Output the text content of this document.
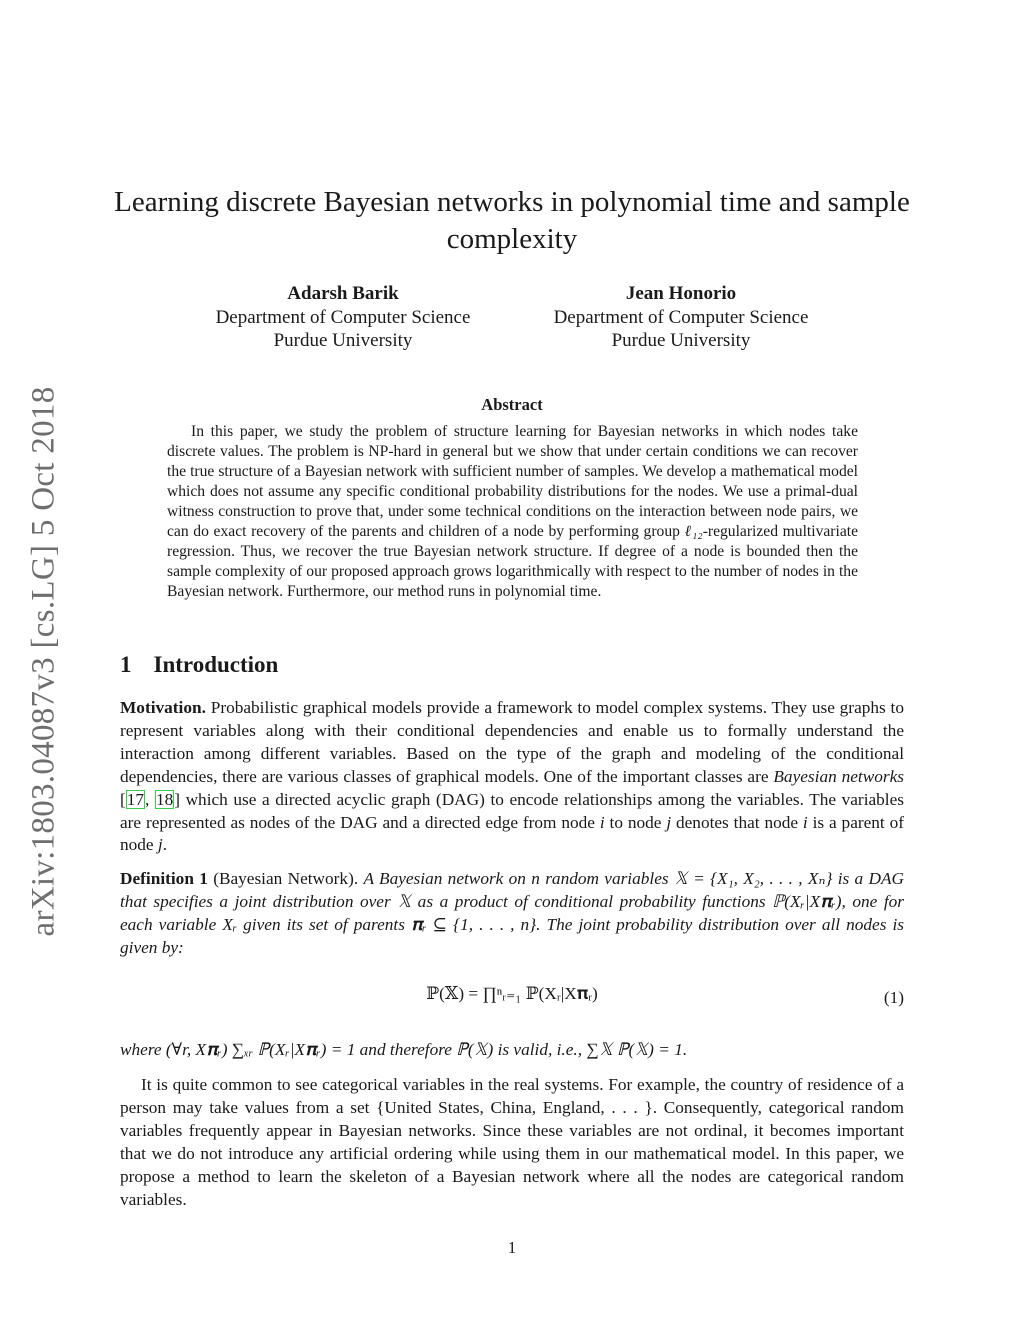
arXiv:1803.04087v3 [cs.LG] 5 Oct 2018
Learning discrete Bayesian networks in polynomial time and sample complexity
Adarsh Barik
Department of Computer Science
Purdue University
Jean Honorio
Department of Computer Science
Purdue University
Abstract

In this paper, we study the problem of structure learning for Bayesian networks in which nodes take discrete values. The problem is NP-hard in general but we show that under certain conditions we can recover the true structure of a Bayesian network with sufficient number of samples. We develop a mathematical model which does not assume any specific conditional probability distributions for the nodes. We use a primal-dual witness construction to prove that, under some technical conditions on the interaction between node pairs, we can do exact recovery of the parents and children of a node by performing group ℓ₁₂-regularized multivariate regression. Thus, we recover the true Bayesian network structure. If degree of a node is bounded then the sample complexity of our proposed approach grows logarithmically with respect to the number of nodes in the Bayesian network. Furthermore, our method runs in polynomial time.

1 Introduction

Motivation. Probabilistic graphical models provide a framework to model complex systems. They use graphs to represent variables along with their conditional dependencies and enable us to formally understand the interaction among different variables. Based on the type of the graph and modeling of the conditional dependencies, there are various classes of graphical models. One of the important classes are Bayesian networks [17, 18] which use a directed acyclic graph (DAG) to encode relationships among the variables. The variables are represented as nodes of the DAG and a directed edge from node i to node j denotes that node i is a parent of node j.

Definition 1 (Bayesian Network). A Bayesian network on n random variables 𝕏 = {X₁, X₂, . . . , Xₙ} is a DAG that specifies a joint distribution over 𝕏 as a product of conditional probability functions ℙ(Xᵣ|X𝛑ᵣ), one for each variable Xᵣ given its set of parents 𝛑ᵣ ⊆ {1, . . . , n}. The joint probability distribution over all nodes is given by:

ℙ(𝕏) = ∏ⁿᵣ₌₁ ℙ(Xᵣ|X𝛑ᵣ)	(1)

where (∀r, X𝛑ᵣ) ∑ₓᵣ ℙ(Xᵣ|X𝛑ᵣ) = 1 and therefore ℙ(𝕏) is valid, i.e., ∑𝕏 ℙ(𝕏) = 1.

It is quite common to see categorical variables in the real systems. For example, the country of residence of a person may take values from a set {United States, China, England, . . . }. Consequently, categorical random variables frequently appear in Bayesian networks. Since these variables are not ordinal, it becomes important that we do not introduce any artificial ordering while using them in our mathematical model. In this paper, we propose a method to learn the skeleton of a Bayesian network where all the nodes are categorical random variables.

1
